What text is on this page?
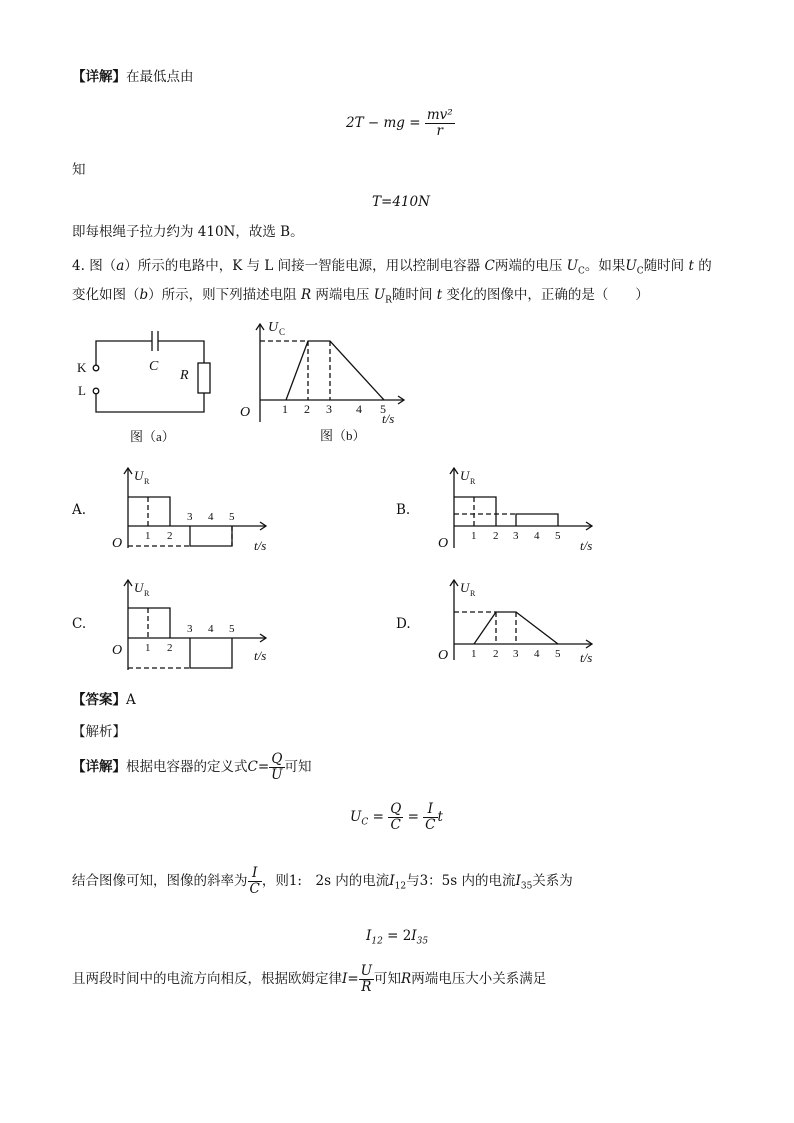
【详解】在最低点由
2T − mg = $\frac{\text{mv²}}{r}$
知
T=410N
即每根绳子拉力约为 410N，故选 B。
4. 图（a）所示的电路中，K 与 L 间接一智能电源，用以控制电容器 C两端的电压 $U_C$。如果$U_C$随时间 t 的
变化如图（b）所示，则下列描述电阻 R 两端电压 $U_R$随时间 t 变化的图像中，正确的是（　　）
K
L
C
R
图（a）
U C
O	1 2 3 4 5
t/s
图（b）
A.
U R
O 1 2
3 4 5
t/s
B.
U R
O 1 2 3 4 5
t/s
C.
U R
O 1 2
3 4 5
t/s
D.
U R
O 1 2 3 4 5 t/s
【答案】A
【解析】
【详解】根据电容器的定义式$C= \frac{Q}{U}$ 可知
$U_C = \frac{Q}{C} = \frac{I}{C}$ t
结合图像可知，图像的斜率为 $\frac{I}{C}$ ，则1:　2s 内的电流$I_{12}$与3：5s 内的电流$I_{35}$关系为
$I_{12} = 2I_{35}$
且两段时间中的电流方向相反，根据欧姆定律$I= \frac{U}{R}$ 可知R两端电压大小关系满足
